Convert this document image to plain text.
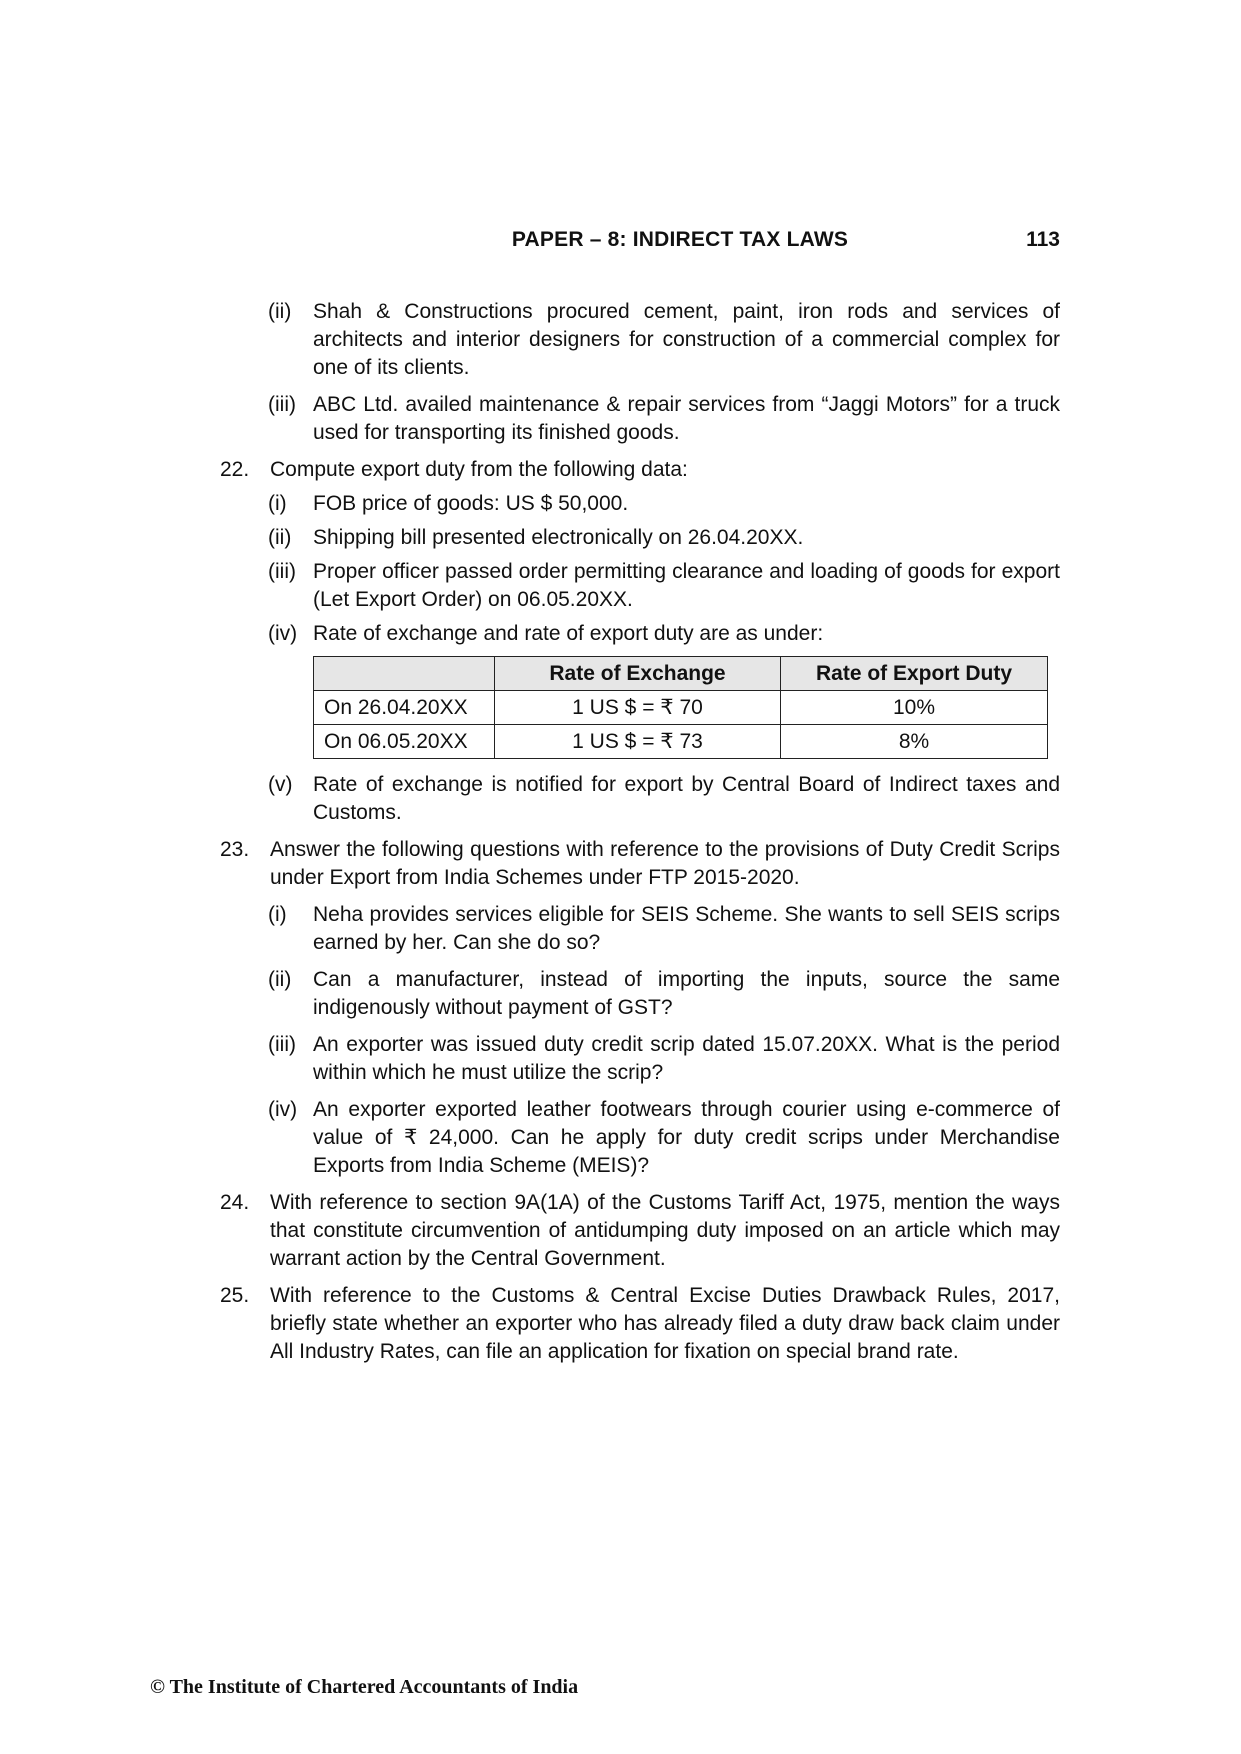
PAPER – 8: INDIRECT TAX LAWS	113
(ii)	Shah & Constructions procured cement, paint, iron rods and services of architects and interior designers for construction of a commercial complex for one of its clients.
(iii) ABC Ltd. availed maintenance & repair services from “Jaggi Motors” for a truck used for transporting its finished goods.
22. Compute export duty from the following data:
(i)	FOB price of goods: US $ 50,000.
(ii)	Shipping bill presented electronically on 26.04.20XX.
(iii) Proper officer passed order permitting clearance and loading of goods for export (Let Export Order) on 06.05.20XX.
(iv) Rate of exchange and rate of export duty are as under:
	Rate of Exchange	Rate of Export Duty
On 26.04.20XX	1 US $ = ₹ 70	10%
On 06.05.20XX	1 US $ = ₹ 73	8%
(v) Rate of exchange is notified for export by Central Board of Indirect taxes and Customs.
23. Answer the following questions with reference to the provisions of Duty Credit Scrips under Export from India Schemes under FTP 2015-2020.
(i)	Neha provides services eligible for SEIS Scheme. She wants to sell SEIS scrips earned by her. Can she do so?
(ii)	Can a manufacturer, instead of importing the inputs, source the same indigenously without payment of GST?
(iii) An exporter was issued duty credit scrip dated 15.07.20XX. What is the period within which he must utilize the scrip?
(iv) An exporter exported leather footwears through courier using e-commerce of value of ₹ 24,000. Can he apply for duty credit scrips under Merchandise Exports from India Scheme (MEIS)?
24. With reference to section 9A(1A) of the Customs Tariff Act, 1975, mention the ways that constitute circumvention of antidumping duty imposed on an article which may warrant action by the Central Government.
25. With reference to the Customs & Central Excise Duties Drawback Rules, 2017, briefly state whether an exporter who has already filed a duty draw back claim under All Industry Rates, can file an application for fixation on special brand rate.
© The Institute of Chartered Accountants of India
